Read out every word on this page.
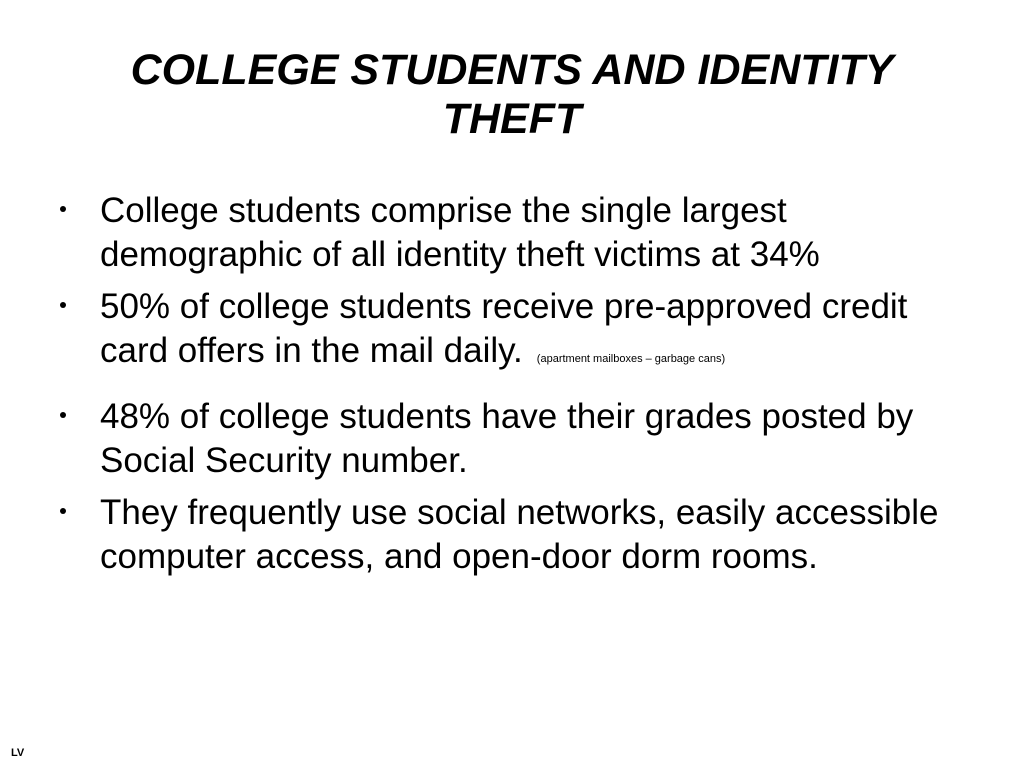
COLLEGE STUDENTS AND IDENTITY THEFT
College students comprise the single largest demographic of all identity theft victims at 34%
50% of college students receive pre-approved credit card offers in the mail daily. (apartment mailboxes – garbage cans)
48% of college students have their grades posted by Social Security number.
They frequently use social networks, easily accessible computer access, and open-door dorm rooms.
LV
